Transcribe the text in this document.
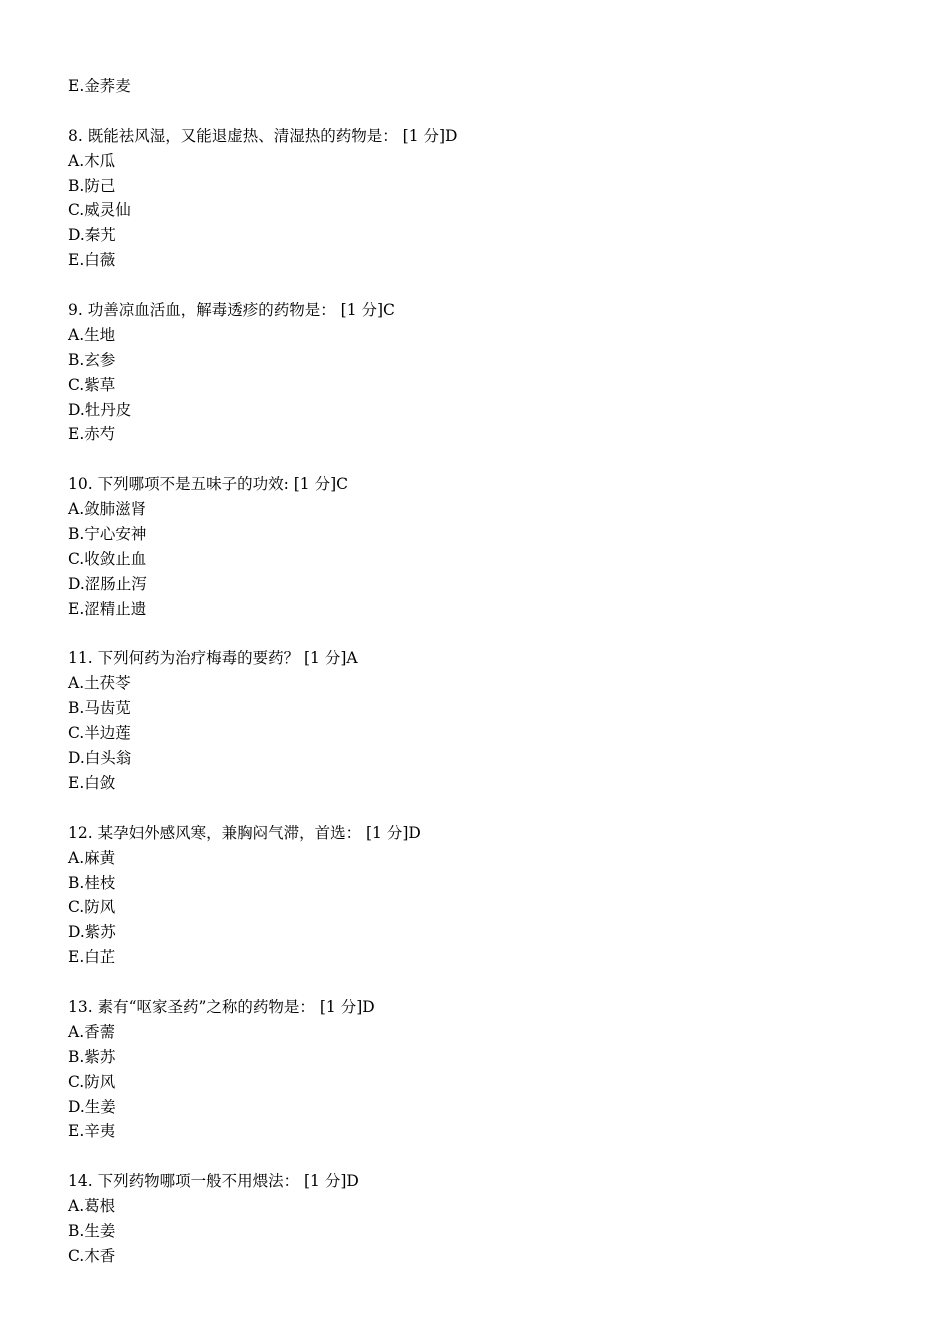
E.金荞麦
8. 既能祛风湿，又能退虚热、清湿热的药物是： [1 分]D
A.木瓜
B.防己
C.威灵仙
D.秦艽
E.白薇
9. 功善凉血活血，解毒透疹的药物是： [1 分]C
A.生地
B.玄参
C.紫草
D.牡丹皮
E.赤芍
10. 下列哪项不是五味子的功效: [1 分]C
A.敛肺滋肾
B.宁心安神
C.收敛止血
D.涩肠止泻
E.涩精止遗
11. 下列何药为治疗梅毒的要药？ [1 分]A
A.土茯苓
B.马齿苋
C.半边莲
D.白头翁
E.白敛
12. 某孕妇外感风寒，兼胸闷气滞，首选： [1 分]D
A.麻黄
B.桂枝
C.防风
D.紫苏
E.白芷
13. 素有“呕家圣药”之称的药物是： [1 分]D
A.香薷
B.紫苏
C.防风
D.生姜
E.辛夷
14. 下列药物哪项一般不用煨法： [1 分]D
A.葛根
B.生姜
C.木香
